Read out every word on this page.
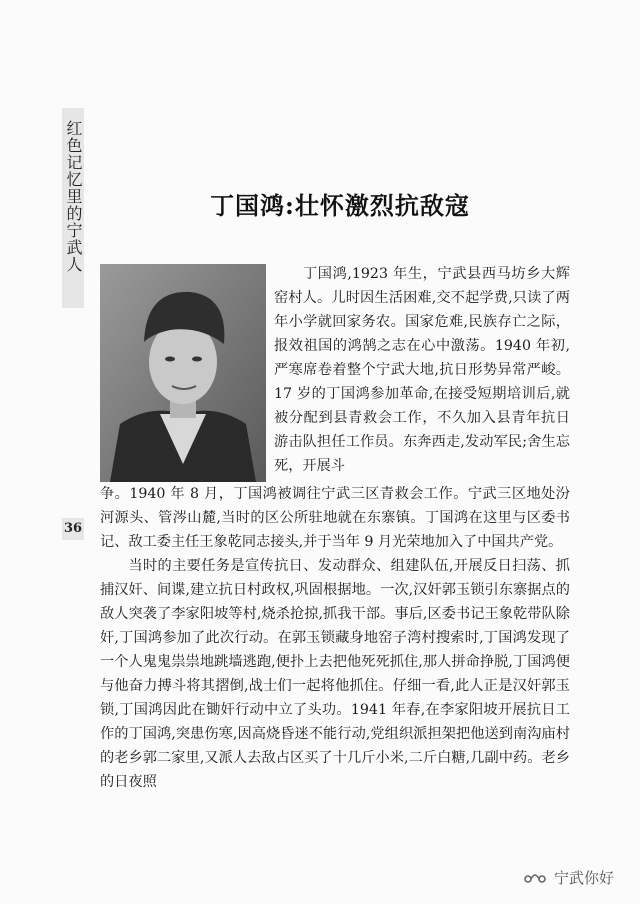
红色记忆里的宁武人
36
丁国鸿:壮怀激烈抗敌寇
丁国鸿,1923 年生，宁武县西马坊乡大辉窑村人。儿时因生活困难,交不起学费,只读了两年小学就回家务农。国家危难,民族存亡之际，报效祖国的鸿鹄之志在心中激荡。1940 年初,严寒席卷着整个宁武大地,抗日形势异常严峻。17 岁的丁国鸿参加革命,在接受短期培训后,就被分配到县青救会工作，不久加入县青年抗日游击队担任工作员。东奔西走,发动军民;舍生忘死，开展斗

争。1940 年 8 月，丁国鸿被调往宁武三区青救会工作。宁武三区地处汾河源头、管涔山麓,当时的区公所驻地就在东寨镇。丁国鸿在这里与区委书记、敌工委主任王象乾同志接头,并于当年 9 月光荣地加入了中国共产党。

当时的主要任务是宣传抗日、发动群众、组建队伍,开展反日扫荡、抓捕汉奸、间谍,建立抗日村政权,巩固根据地。一次,汉奸郭玉锁引东寨据点的敌人突袭了李家阳坡等村,烧杀抢掠,抓我干部。事后,区委书记王象乾带队除奸,丁国鸿参加了此次行动。在郭玉锁藏身地窑子湾村搜索时,丁国鸿发现了一个人鬼鬼祟祟地跳墙逃跑,便扑上去把他死死抓住,那人拼命挣脱,丁国鸿便与他奋力搏斗将其摺倒,战士们一起将他抓住。仔细一看,此人正是汉奸郭玉锁,丁国鸿因此在锄奸行动中立了头功。1941 年春,在李家阳坡开展抗日工作的丁国鸿,突患伤寒,因高烧昏迷不能行动,党组织派担架把他送到南沟庙村的老乡郭二家里,又派人去敌占区买了十几斤小米,二斤白糖,几副中药。老乡的日夜照

宁武你好
